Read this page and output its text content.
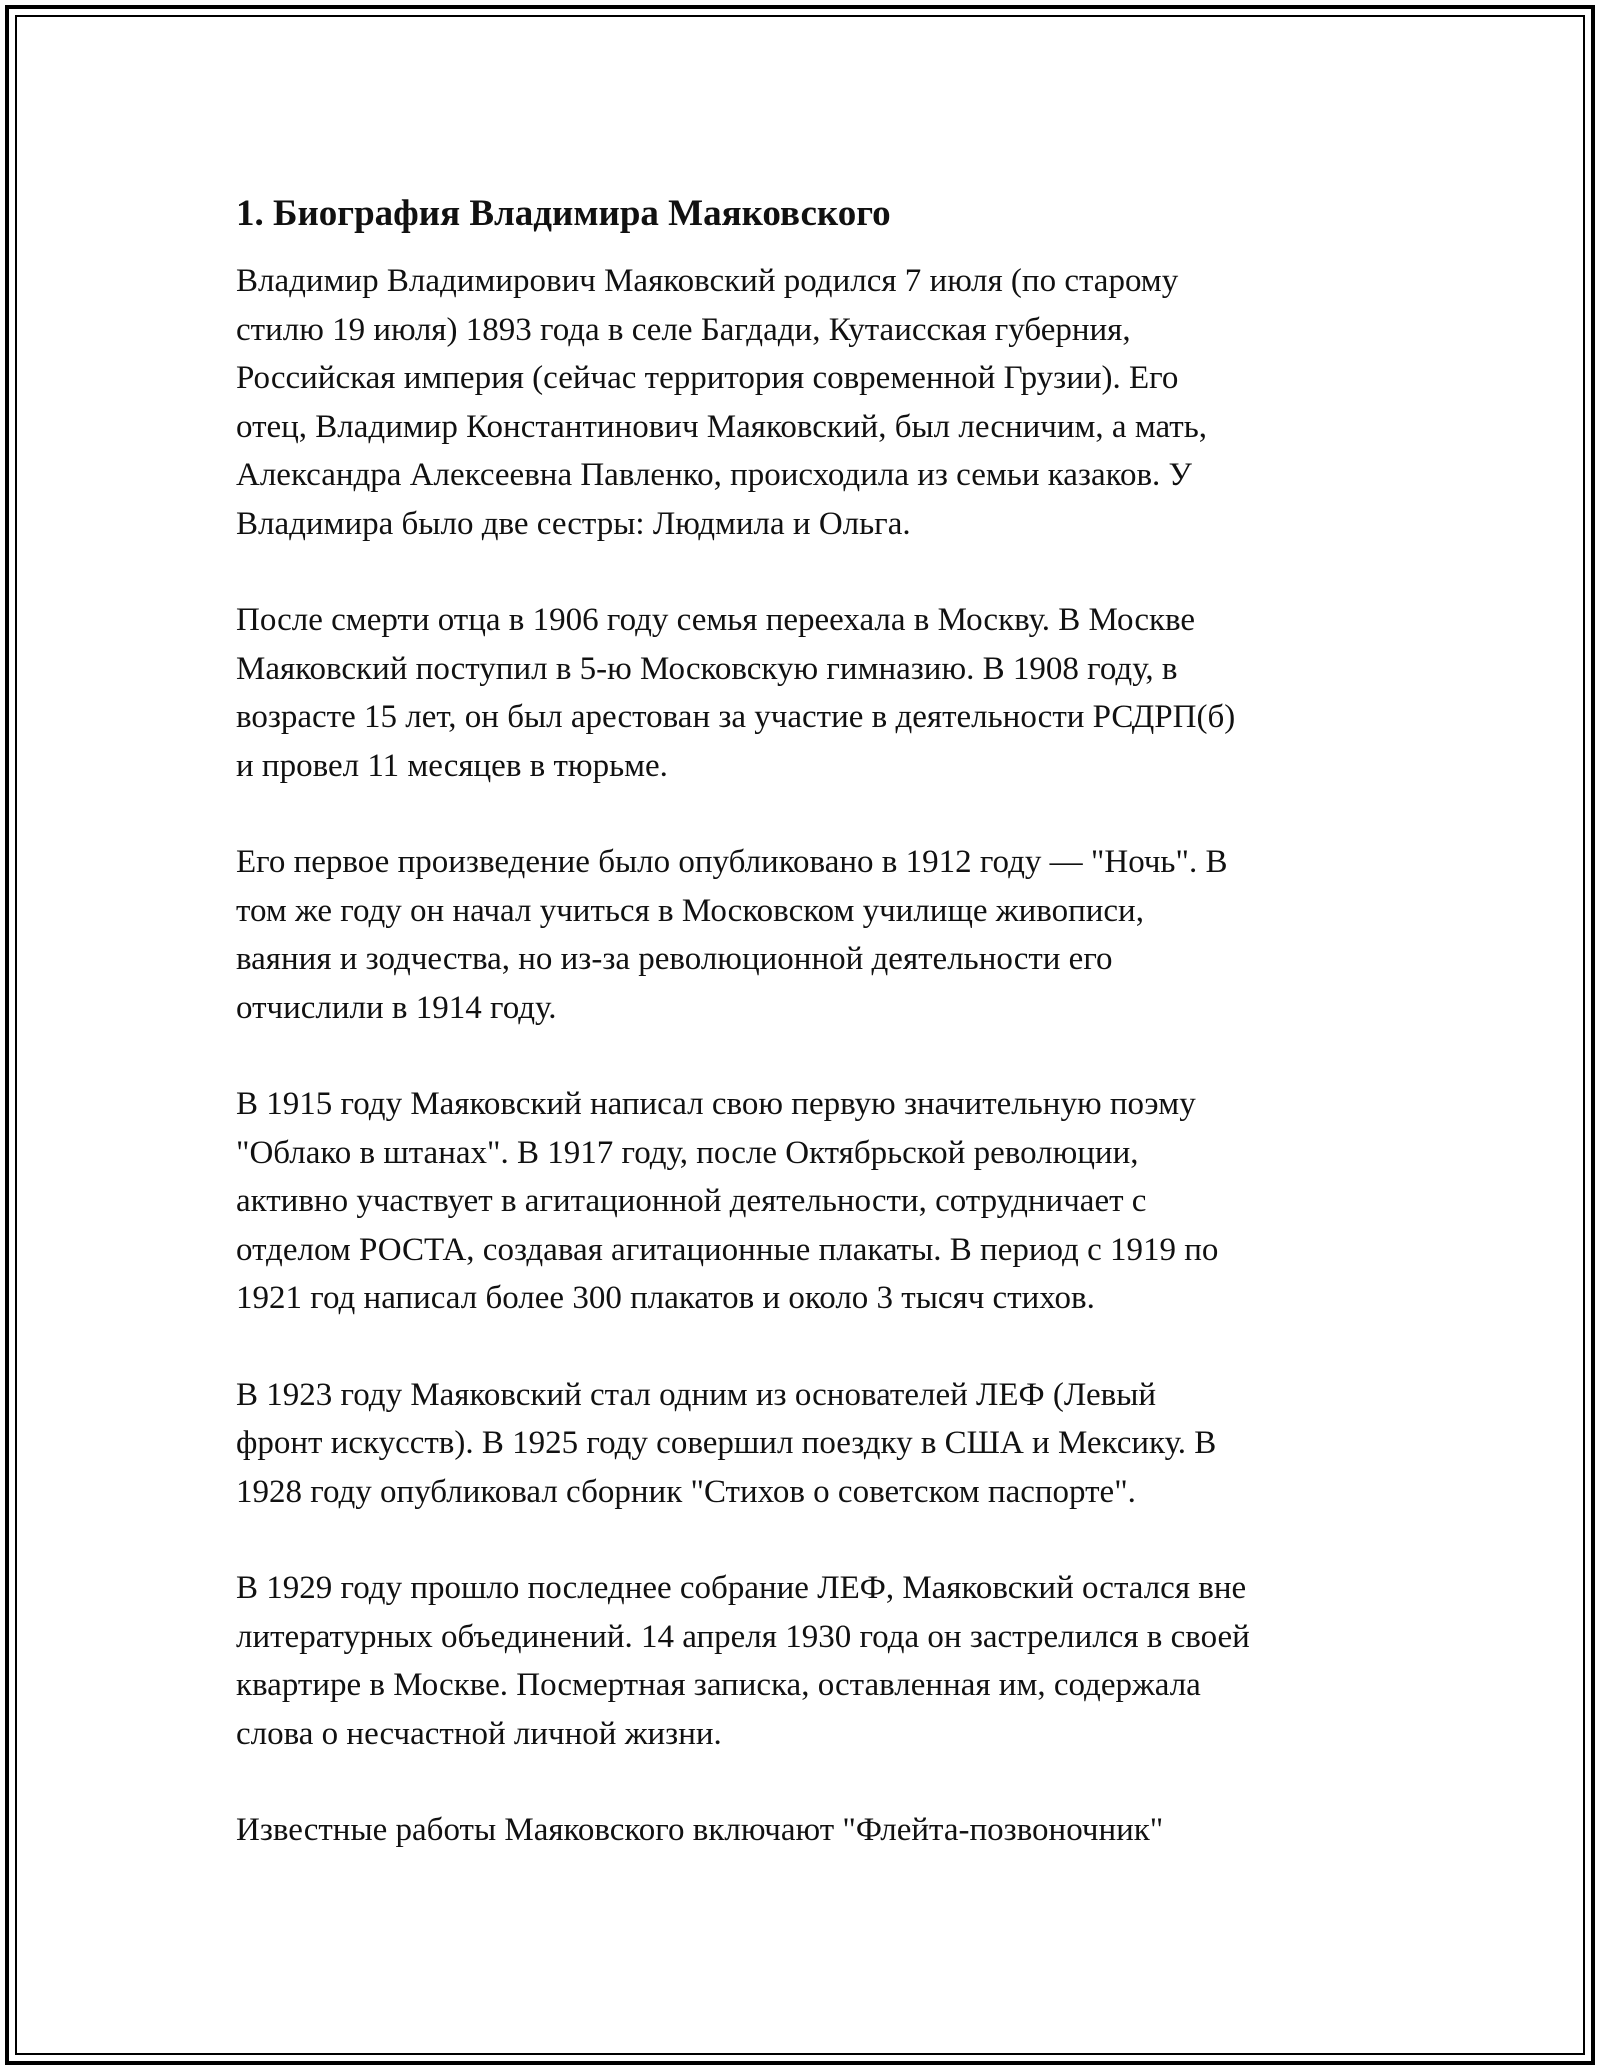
1. Биография Владимира Маяковского

Владимир Владимирович Маяковский родился 7 июля (по старому
стилю 19 июля) 1893 года в селе Багдади, Кутаисская губерния,
Российская империя (сейчас территория современной Грузии). Его
отец, Владимир Константинович Маяковский, был лесничим, а мать,
Александра Алексеевна Павленко, происходила из семьи казаков. У
Владимира было две сестры: Людмила и Ольга.

После смерти отца в 1906 году семья переехала в Москву. В Москве
Маяковский поступил в 5-ю Московскую гимназию. В 1908 году, в
возрасте 15 лет, он был арестован за участие в деятельности РСДРП(б)
и провел 11 месяцев в тюрьме.

Его первое произведение было опубликовано в 1912 году — "Ночь". В
том же году он начал учиться в Московском училище живописи,
ваяния и зодчества, но из-за революционной деятельности его
отчислили в 1914 году.

В 1915 году Маяковский написал свою первую значительную поэму
"Облако в штанах". В 1917 году, после Октябрьской революции,
активно участвует в агитационной деятельности, сотрудничает с
отделом РОСТА, создавая агитационные плакаты. В период с 1919 по
1921 год написал более 300 плакатов и около 3 тысяч стихов.

В 1923 году Маяковский стал одним из основателей ЛЕФ (Левый
фронт искусств). В 1925 году совершил поездку в США и Мексику. В
1928 году опубликовал сборник "Стихов о советском паспорте".

В 1929 году прошло последнее собрание ЛЕФ, Маяковский остался вне
литературных объединений. 14 апреля 1930 года он застрелился в своей
квартире в Москве. Посмертная записка, оставленная им, содержала
слова о несчастной личной жизни.

Известные работы Маяковского включают "Флейта-позвоночник"
